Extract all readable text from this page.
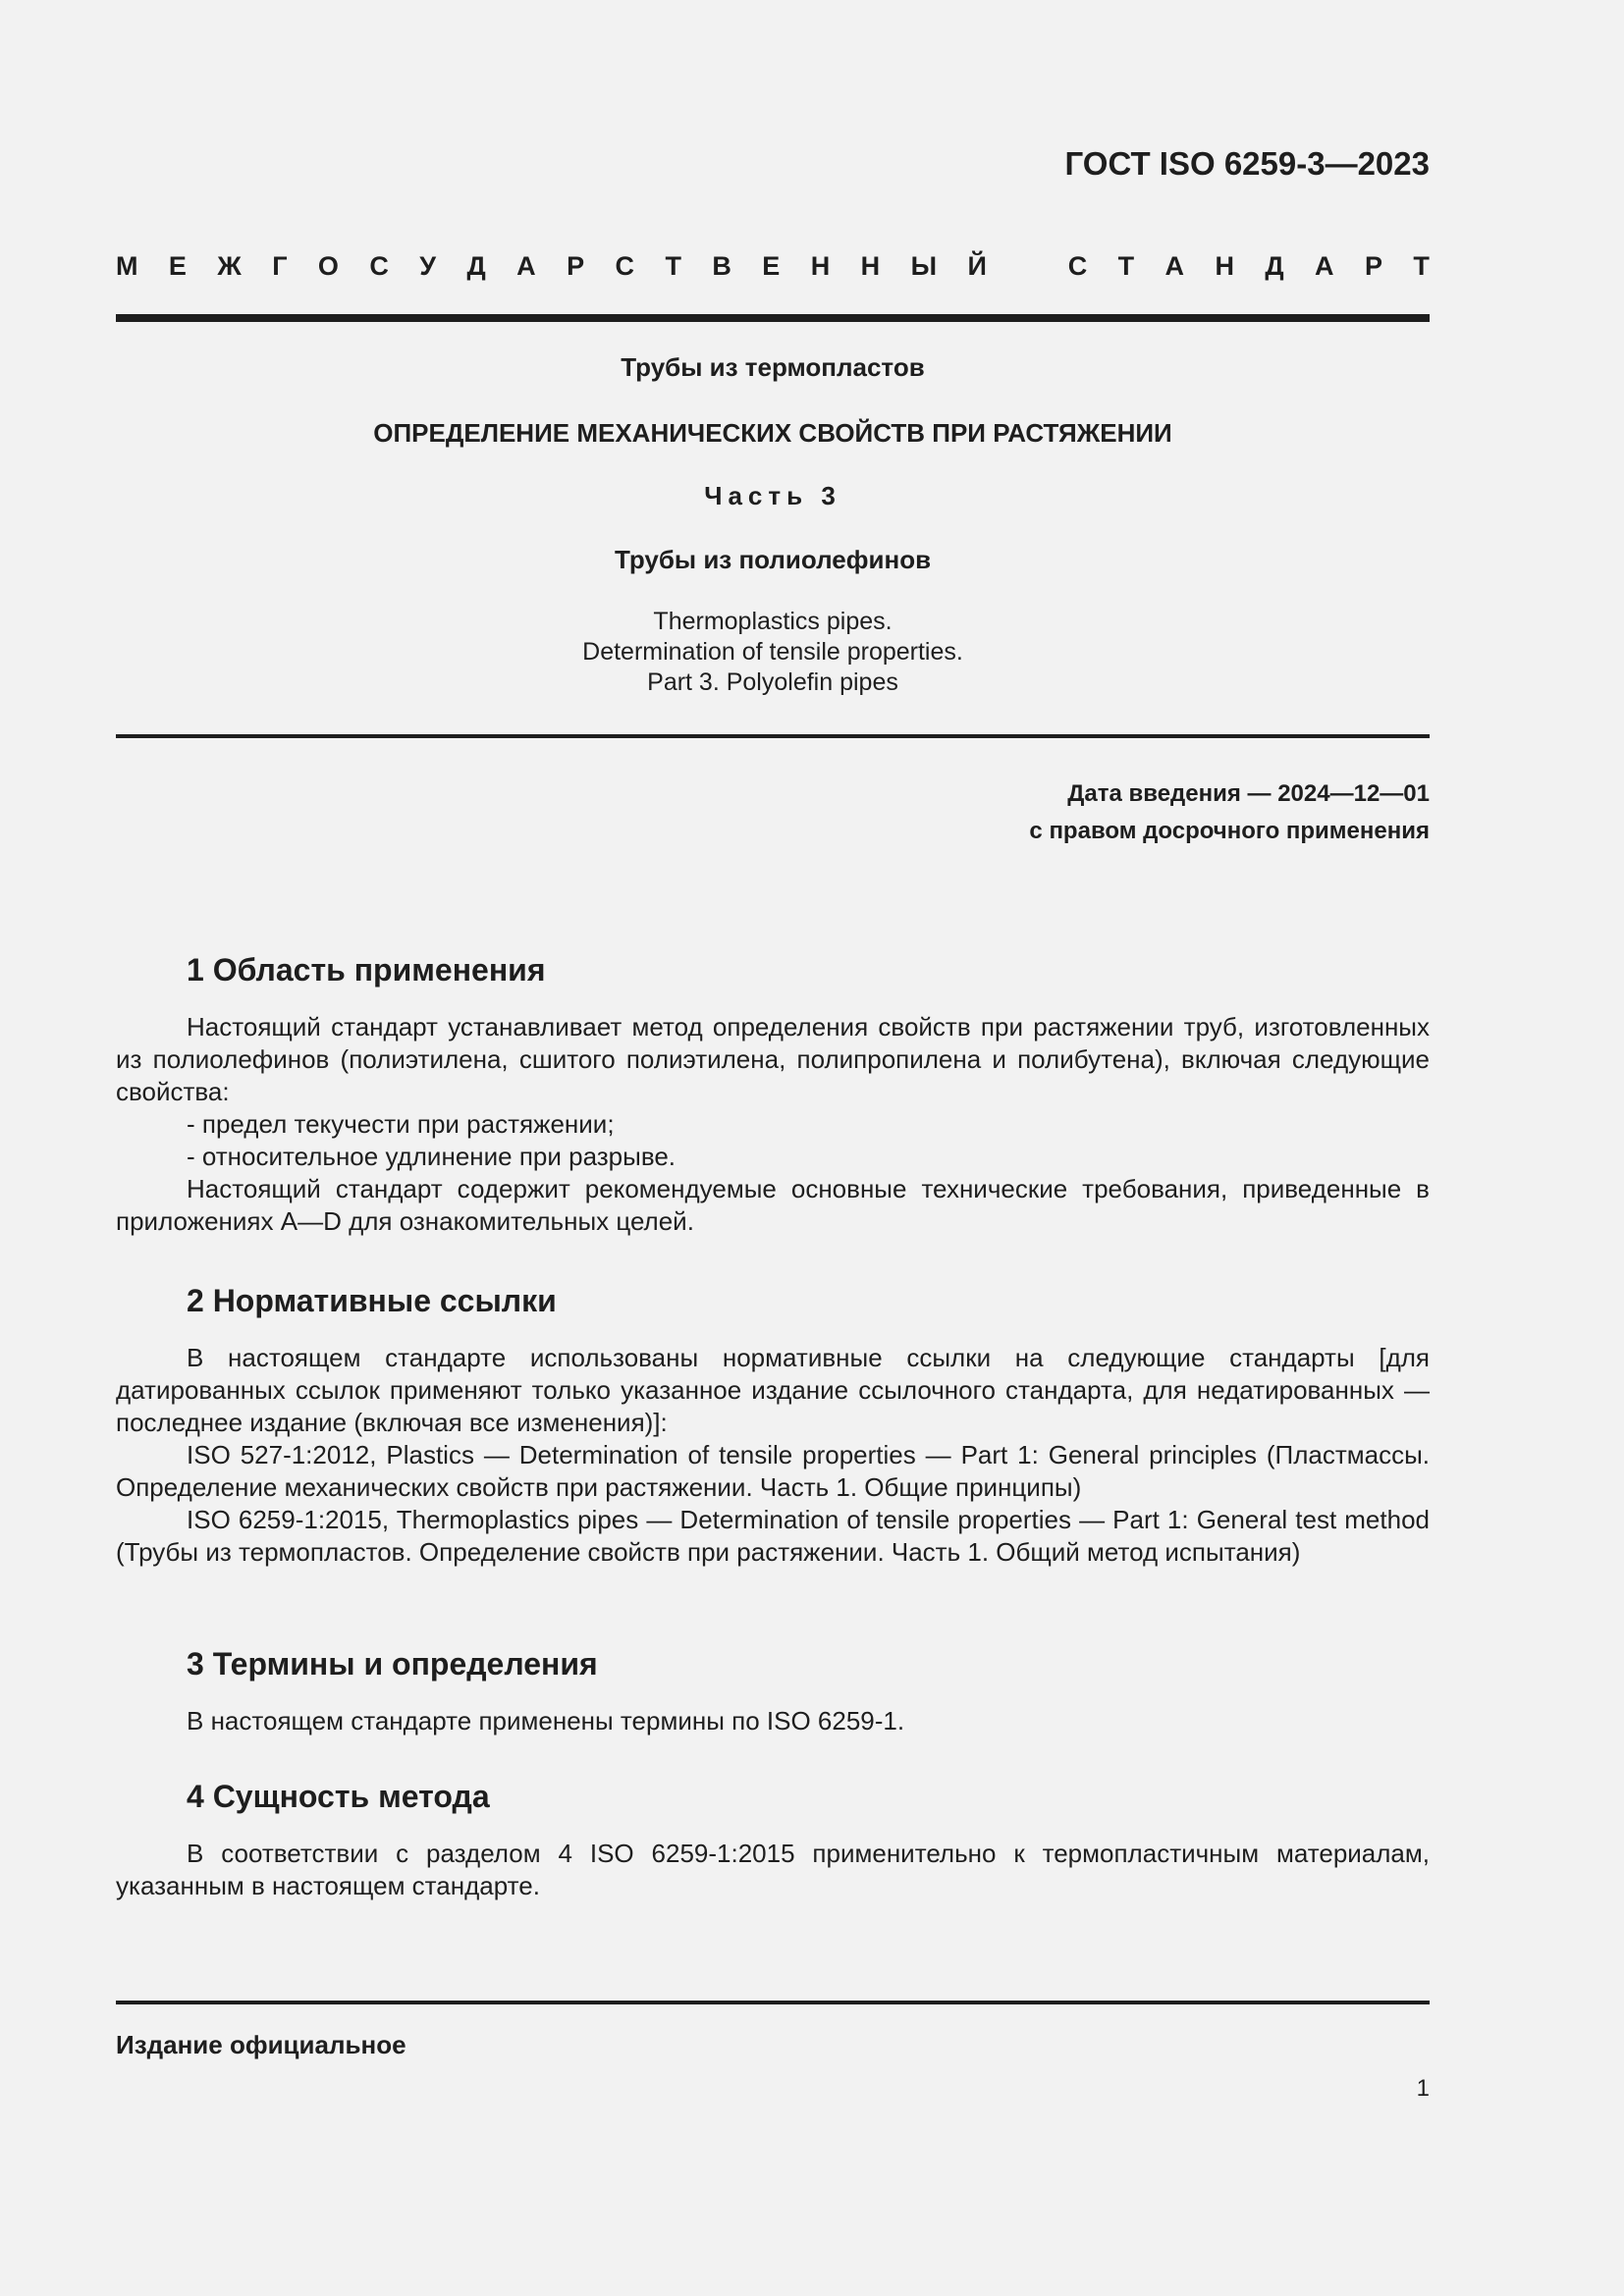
ГОСТ ISO 6259-3—2023
М Е Ж Г О С У Д А Р С Т В Е Н Н Ы Й	С Т А Н Д А Р Т
Трубы из термопластов
ОПРЕДЕЛЕНИЕ МЕХАНИЧЕСКИХ СВОЙСТВ ПРИ РАСТЯЖЕНИИ
Часть 3
Трубы из полиолефинов
Thermoplastics pipes.
Determination of tensile properties.
Part 3. Polyolefin pipes
Дата введения — 2024—12—01
с правом досрочного применения
1 Область применения

Настоящий стандарт устанавливает метод определения свойств при растяжении труб, изготовленных из полиолефинов (полиэтилена, сшитого полиэтилена, полипропилена и полибутена), включая следующие свойства:

- предел текучести при растяжении;

- относительное удлинение при разрыве.

Настоящий стандарт содержит рекомендуемые основные технические требования, приведенные в приложениях А—D для ознакомительных целей.

2 Нормативные ссылки

В настоящем стандарте использованы нормативные ссылки на следующие стандарты [для датированных ссылок применяют только указанное издание ссылочного стандарта, для недатированных — последнее издание (включая все изменения)]:

ISO 527-1:2012, Plastics — Determination of tensile properties — Part 1: General principles (Пластмассы. Определение механических свойств при растяжении. Часть 1. Общие принципы)

ISO 6259-1:2015, Thermoplastics pipes — Determination of tensile properties — Part 1: General test method (Трубы из термопластов. Определение свойств при растяжении. Часть 1. Общий метод испытания)

3 Термины и определения

В настоящем стандарте применены термины по ISO 6259-1.

4 Сущность метода

В соответствии с разделом 4 ISO 6259-1:2015 применительно к термопластичным материалам, указанным в настоящем стандарте.

Издание официальное
1
